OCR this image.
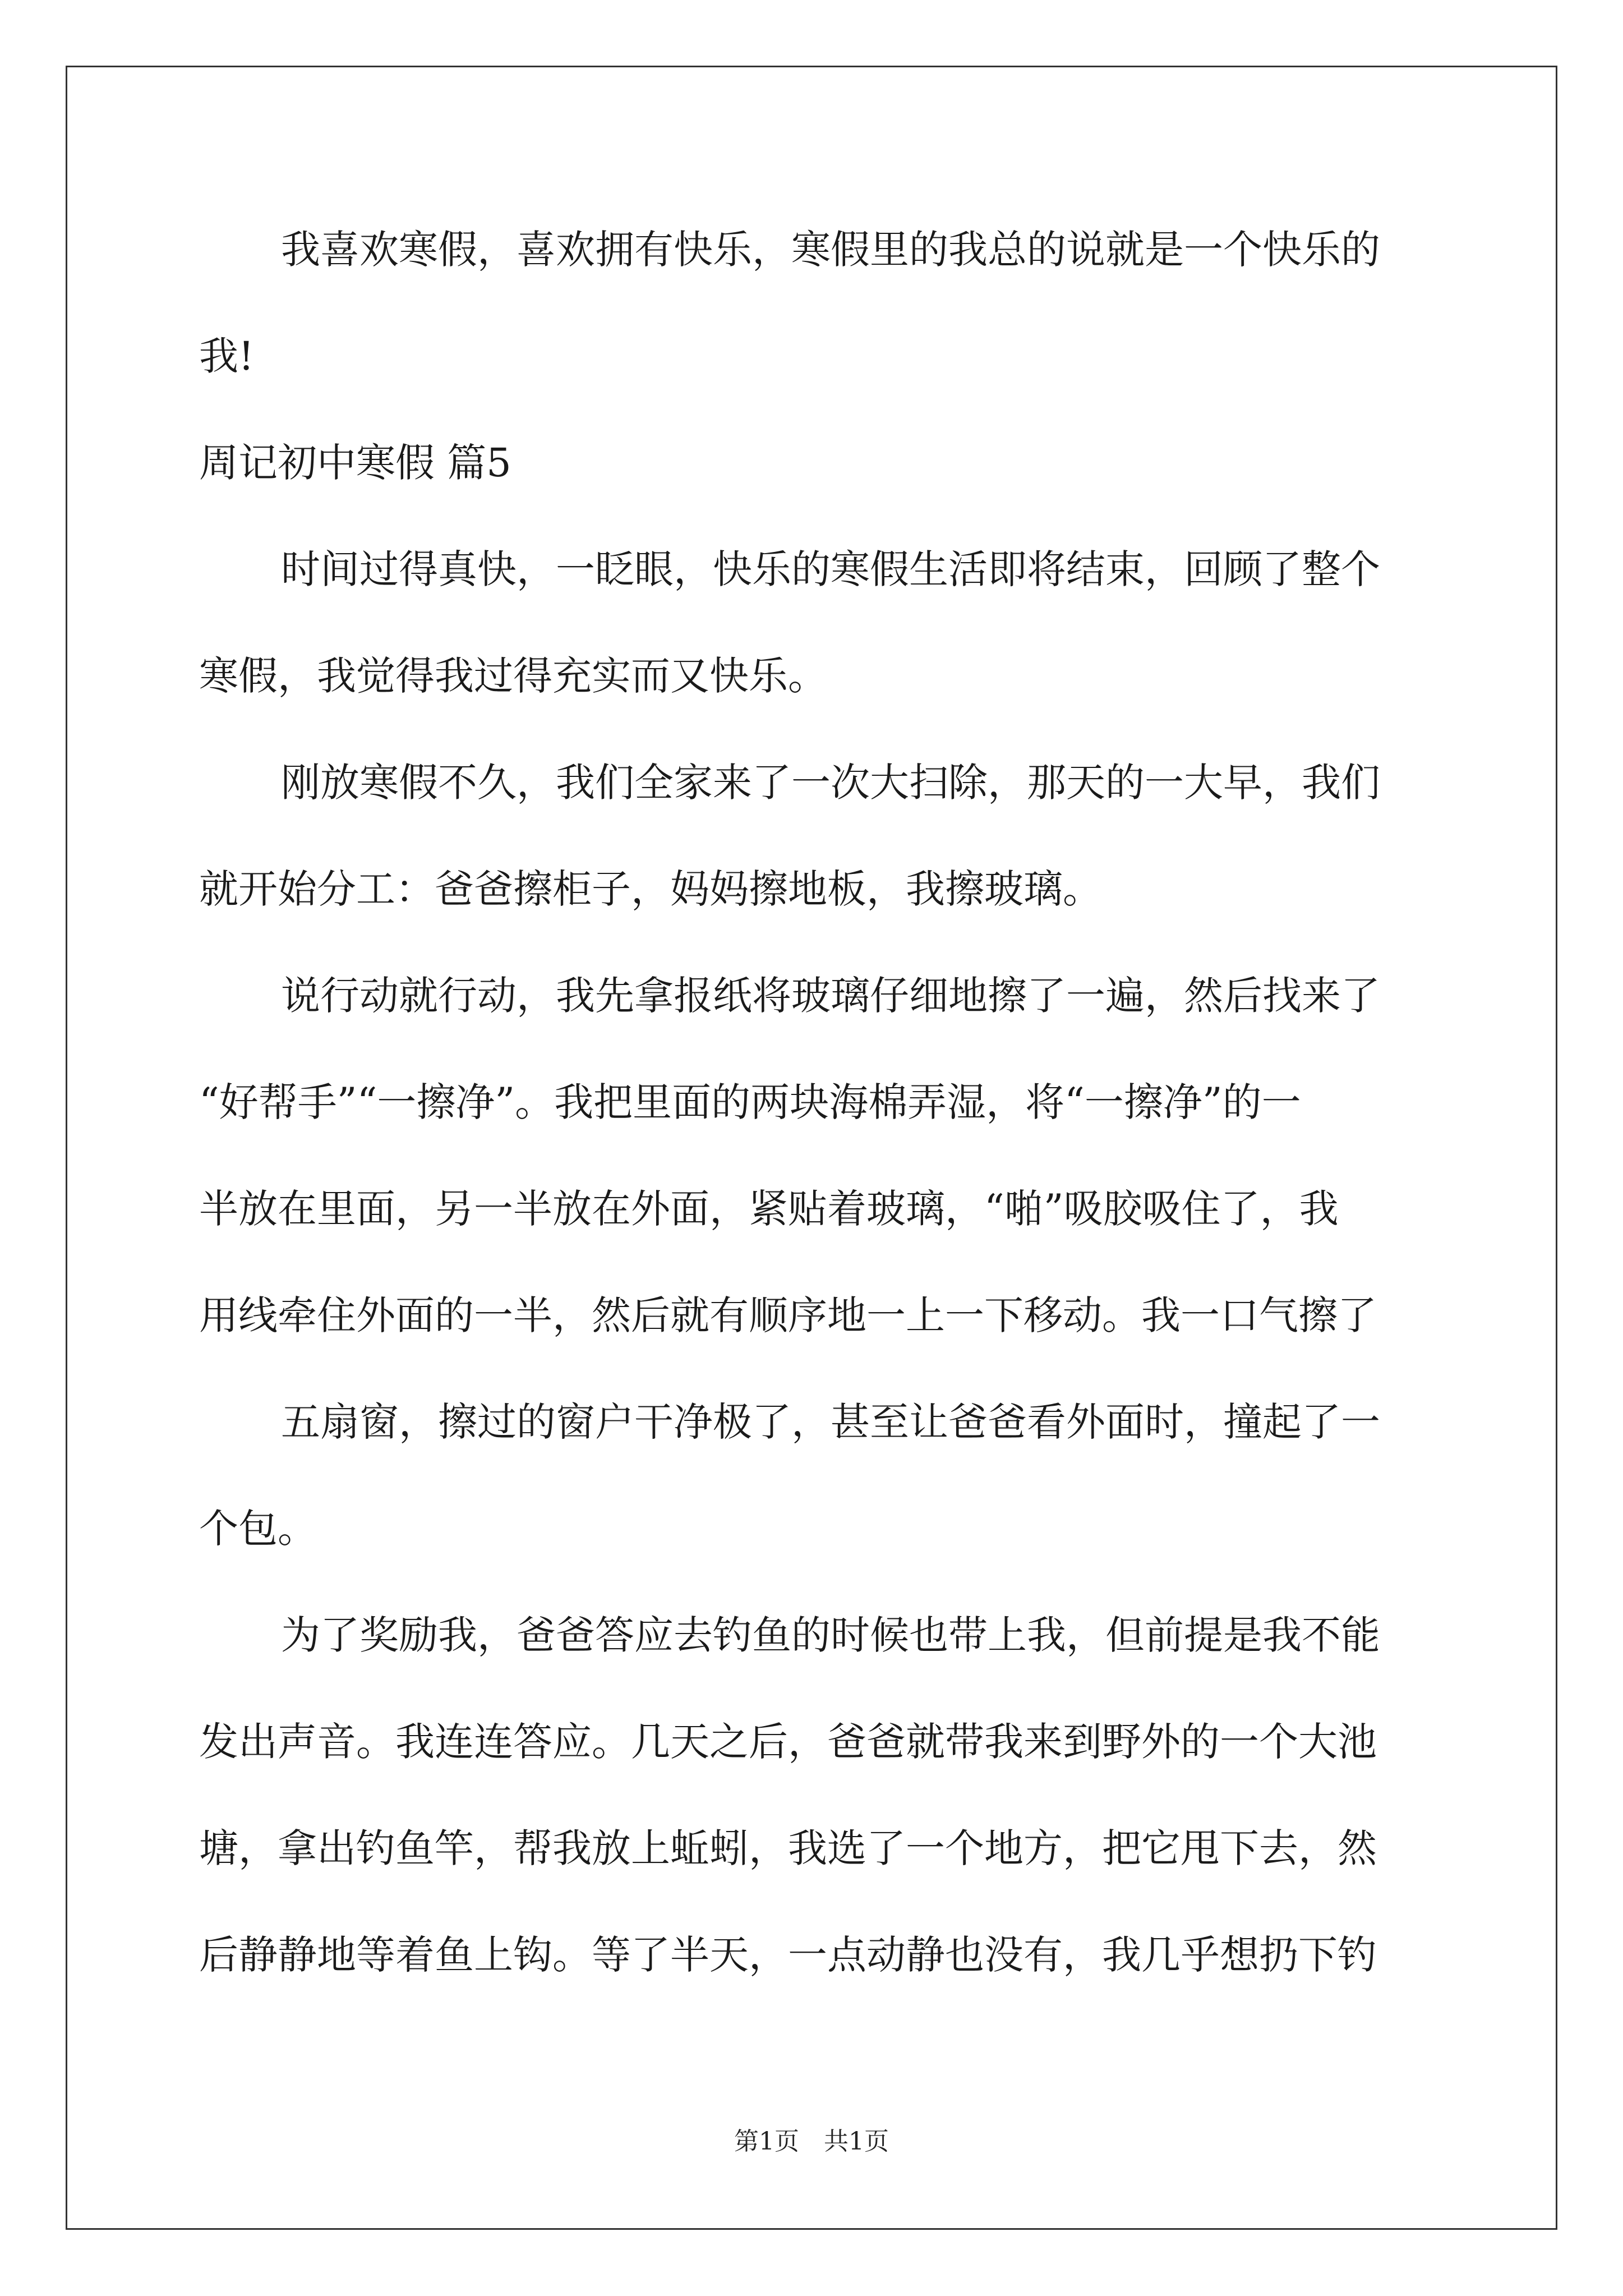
我喜欢寒假，喜欢拥有快乐，寒假里的我总的说就是一个快乐的
我!
周记初中寒假 篇5
时间过得真快，一眨眼，快乐的寒假生活即将结束，回顾了整个
寒假，我觉得我过得充实而又快乐。
刚放寒假不久，我们全家来了一次大扫除，那天的一大早，我们
就开始分工：爸爸擦柜子，妈妈擦地板，我擦玻璃。
说行动就行动，我先拿报纸将玻璃仔细地擦了一遍，然后找来了
“好帮手”“一擦净”。我把里面的两块海棉弄湿，将“一擦净”的一
半放在里面，另一半放在外面，紧贴着玻璃，“啪”吸胶吸住了，我
用线牵住外面的一半，然后就有顺序地一上一下移动。我一口气擦了
五扇窗，擦过的窗户干净极了，甚至让爸爸看外面时，撞起了一
个包。
为了奖励我，爸爸答应去钓鱼的时候也带上我，但前提是我不能
发出声音。我连连答应。几天之后，爸爸就带我来到野外的一个大池
塘，拿出钓鱼竿，帮我放上蚯蚓，我选了一个地方，把它甩下去，然
后静静地等着鱼上钩。等了半天，一点动静也没有，我几乎想扔下钓
第1页　共1页
